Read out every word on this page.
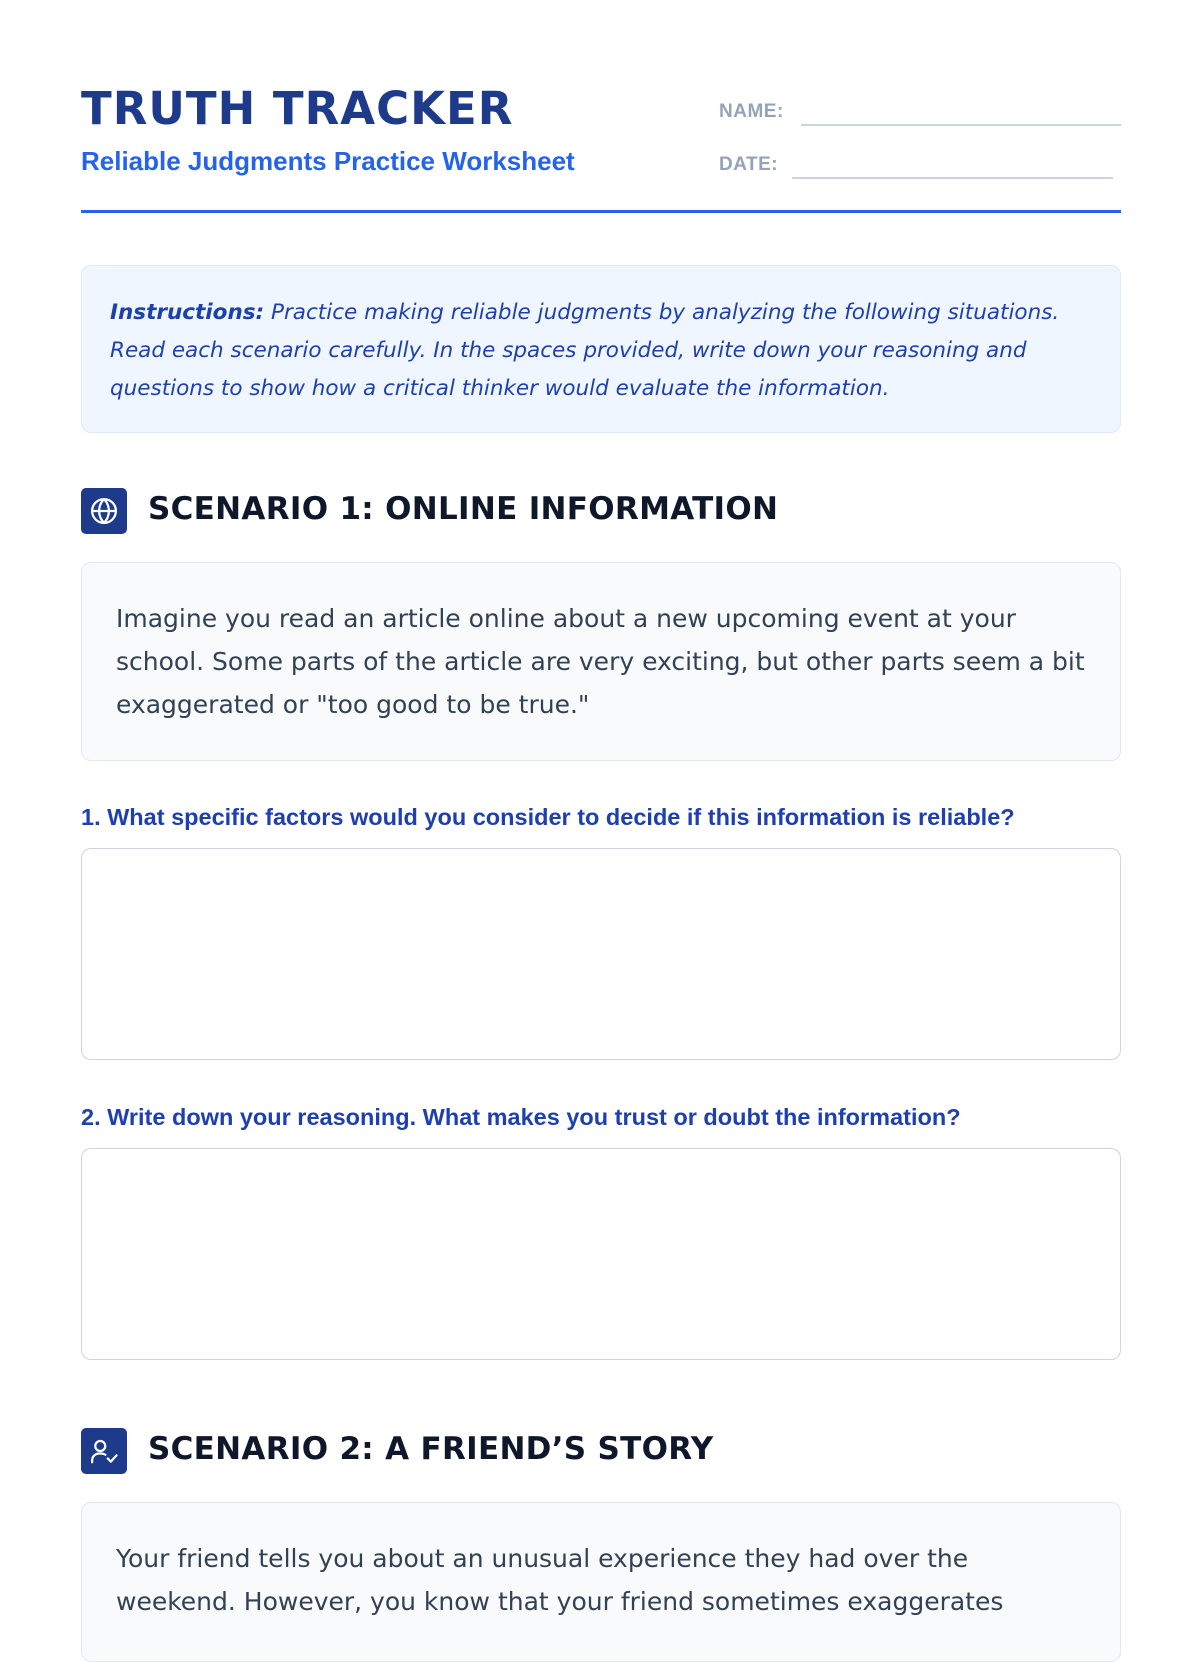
TRUTH TRACKER
Reliable Judgments Practice Worksheet
NAME:
DATE:
Instructions: Practice making reliable judgments by analyzing the following situations. Read each scenario carefully. In the spaces provided, write down your reasoning and questions to show how a critical thinker would evaluate the information.
SCENARIO 1: ONLINE INFORMATION
Imagine you read an article online about a new upcoming event at your school. Some parts of the article are very exciting, but other parts seem a bit exaggerated or "too good to be true."
1. What specific factors would you consider to decide if this information is reliable?
2. Write down your reasoning. What makes you trust or doubt the information?
SCENARIO 2: A FRIEND’S STORY
Your friend tells you about an unusual experience they had over the weekend. However, you know that your friend sometimes exaggerates
